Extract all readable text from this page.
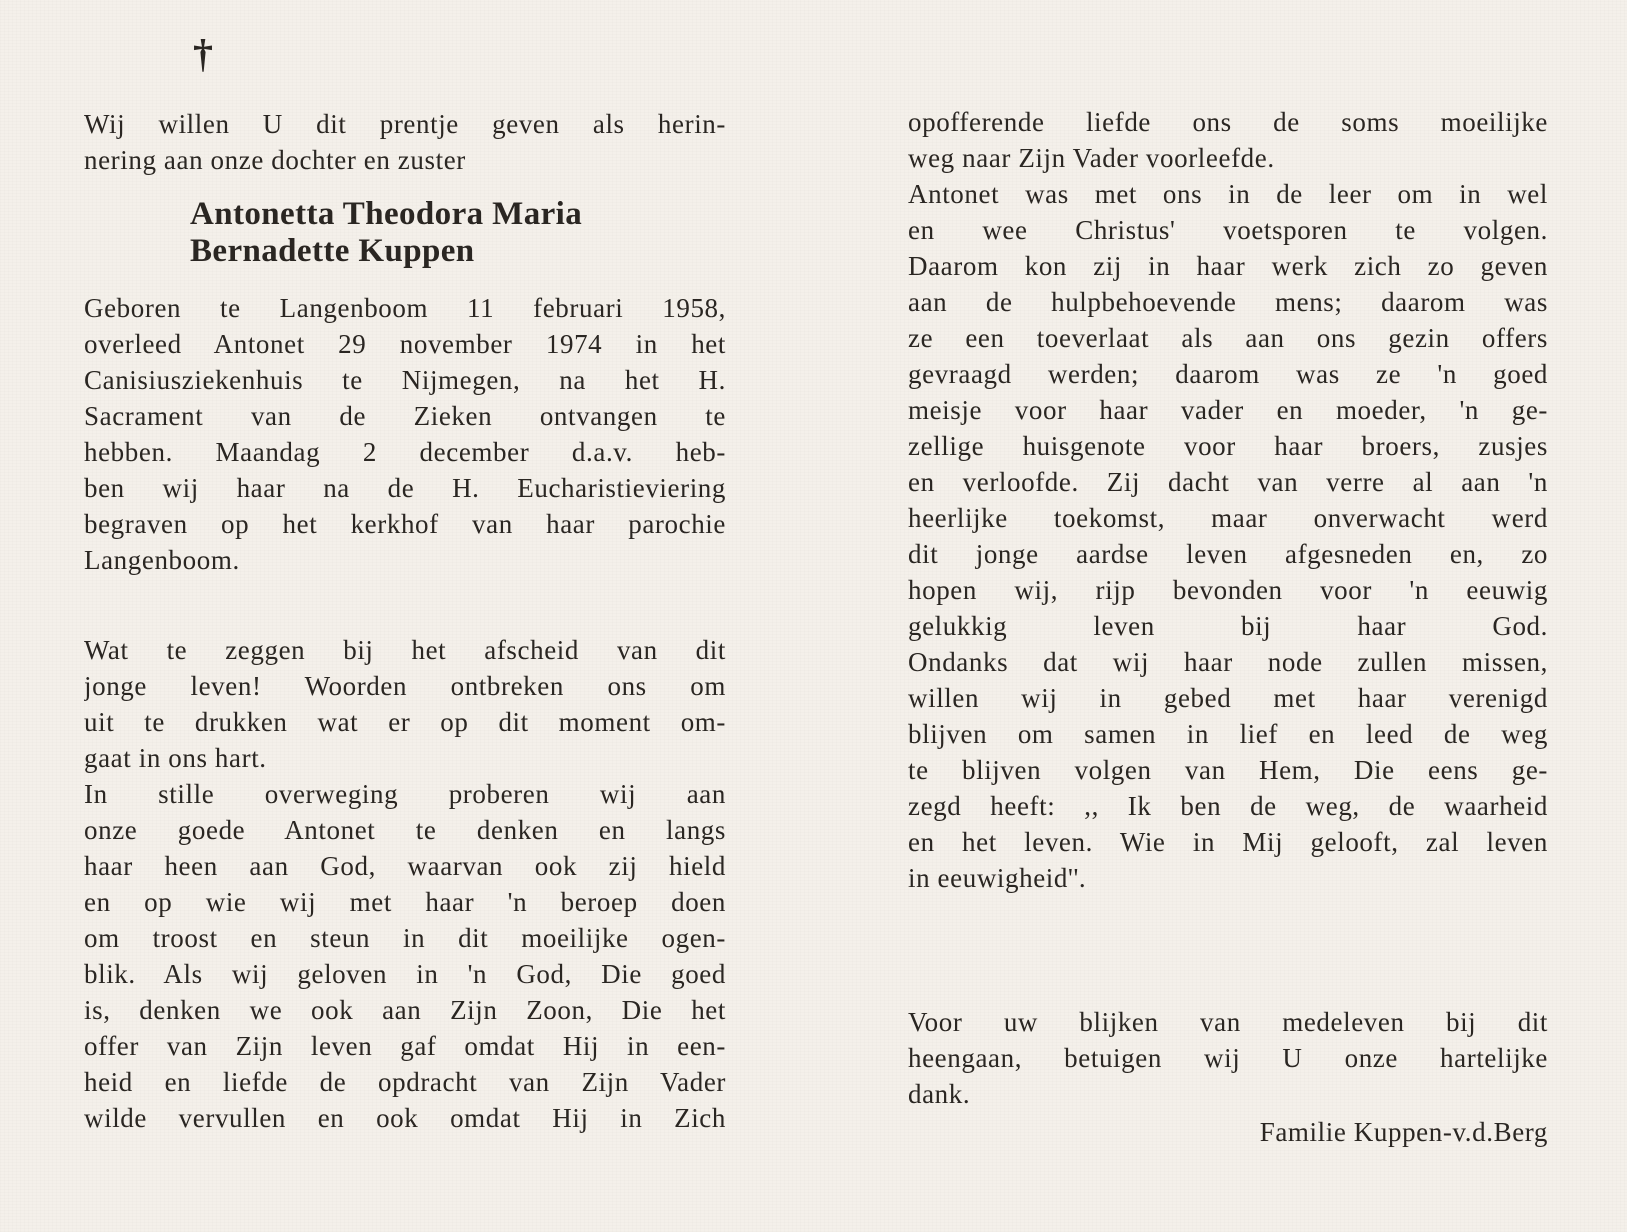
†
Wij willen U dit prentje geven als herin-
nering aan onze dochter en zuster
Antonetta Theodora Maria
Bernadette Kuppen
Geboren te Langenboom 11 februari 1958,
overleed Antonet 29 november 1974 in het
Canisiusziekenhuis te Nijmegen, na het H.
Sacrament van de Zieken ontvangen te
hebben. Maandag 2 december d.a.v. heb-
ben wij haar na de H. Eucharistieviering
begraven op het kerkhof van haar parochie
Langenboom.
Wat te zeggen bij het afscheid van dit
jonge leven! Woorden ontbreken ons om
uit te drukken wat er op dit moment om-
gaat in ons hart.
In stille overweging proberen wij aan
onze goede Antonet te denken en langs
haar heen aan God, waarvan ook zij hield
en op wie wij met haar 'n beroep doen
om troost en steun in dit moeilijke ogen-
blik. Als wij geloven in 'n God, Die goed
is, denken we ook aan Zijn Zoon, Die het
offer van Zijn leven gaf omdat Hij in een-
heid en liefde de opdracht van Zijn Vader
wilde vervullen en ook omdat Hij in Zich
opofferende liefde ons de soms moeilijke
weg naar Zijn Vader voorleefde.
Antonet was met ons in de leer om in wel
en wee Christus' voetsporen te volgen.
Daarom kon zij in haar werk zich zo geven
aan de hulpbehoevende mens; daarom was
ze een toeverlaat als aan ons gezin offers
gevraagd werden; daarom was ze 'n goed
meisje voor haar vader en moeder, 'n ge-
zellige huisgenote voor haar broers, zusjes
en verloofde. Zij dacht van verre al aan 'n
heerlijke toekomst, maar onverwacht werd
dit jonge aardse leven afgesneden en, zo
hopen wij, rijp bevonden voor 'n eeuwig
gelukkig leven bij haar God.
Ondanks dat wij haar node zullen missen,
willen wij in gebed met haar verenigd
blijven om samen in lief en leed de weg
te blijven volgen van Hem, Die eens ge-
zegd heeft: ,, Ik ben de weg, de waarheid
en het leven. Wie in Mij gelooft, zal leven
in eeuwigheid''.
Voor uw blijken van medeleven bij dit
heengaan, betuigen wij U onze hartelijke
dank.
Familie Kuppen-v.d.Berg
